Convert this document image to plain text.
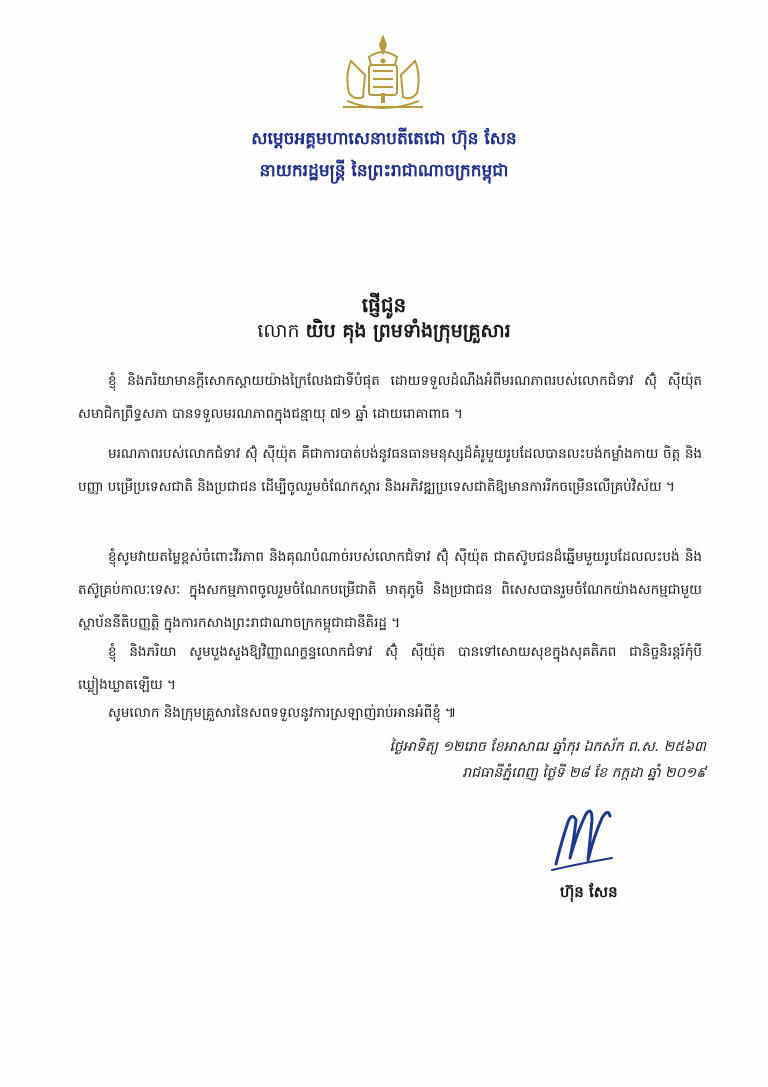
សម្តេចអគ្គមហាសេនាបតីតេជោ ហ៊ុន សែន
នាយករដ្ឋមន្ត្រី នៃព្រះរាជាណាចក្រកម្ពុជា
ផ្ញើជូន
លោក យិប គុង ព្រមទាំងក្រុមគ្រួសារ
ខ្ញុំ និងភរិយាមានក្តីសោកស្តាយយ៉ាងក្រៃលែងជាទីបំផុត ដោយទទួលដំណឹងអំពីមរណភាពរបស់លោកជំទាវ ស៊ុំ ស៊ីយ៉ុត សមាជិកព្រឹទ្ធសភា បានទទួលមរណភាពក្នុងជន្មាយុ ៧១ ឆ្នាំ ដោយរោគាពាធ ។
មរណភាពរបស់លោកជំទាវ ស៊ុំ ស៊ីយ៉ុត គឺជាការបាត់បង់នូវធនធានមនុស្សដ៏គំរូមួយរូបដែលបានលះបង់កម្លាំងកាយ ចិត្ត និងបញ្ញា បម្រើប្រទេសជាតិ និងប្រជាជន ដើម្បីចូលរួមចំណែកស្តារ និងអភិវឌ្ឍប្រទេសជាតិឱ្យមានការរីកចម្រើនលើគ្រប់វិស័យ ។
ខ្ញុំសូមវាយតម្លៃខ្ពស់ចំពោះវីរភាព និងគុណបំណាច់របស់លោកជំទាវ ស៊ុំ ស៊ីយ៉ុត ជាតស៊ូបជនដ៏ឆ្នើមមួយរូបដែលលះបង់ និងតស៊ូគ្រប់កាលៈទេសៈ ក្នុងសកម្មភាពចូលរួមចំណែកបម្រើជាតិ មាតុភូមិ និងប្រជាជន ពិសេសបានរួមចំណែកយ៉ាងសកម្មជាមួយស្ថាប័ននីតិបញ្ញត្តិ ក្នុងការកសាងព្រះរាជាណាចក្រកម្ពុជាជានីតិរដ្ឋ ។
ខ្ញុំ និងភរិយា សូមបួងសួងឱ្យវិញ្ញាណក្ខន្ធលោកជំទាវ ស៊ុំ ស៊ីយ៉ុត បានទៅសោយសុខក្នុងសុគតិភព ជានិច្ចនិរន្តរ៍កុំបីឃ្លៀងឃ្លាតឡើយ ។
សូមលោក និងក្រុមគ្រួសារនៃសពទទួលនូវការស្រឡាញ់រាប់អានអំពីខ្ញុំ ៕
ថ្ងៃអាទិត្យ ១២រោច ខែអាសាឍ ឆ្នាំកុរ ឯកស័ក ព.ស. ២៥៦៣
រាជធានីភ្នំពេញ ថ្ងៃទី ២៨ ខែ កក្កដា ឆ្នាំ ២០១៩
ហ៊ុន សែន
